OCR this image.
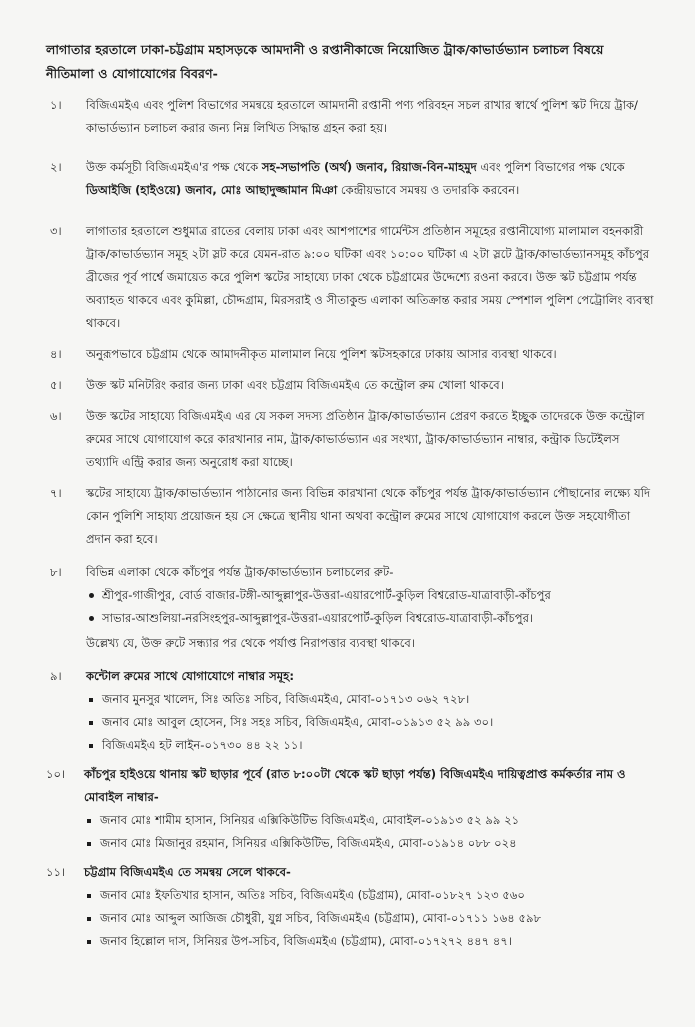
লাগাতার হরতালে ঢাকা-চট্টগ্রাম মহাসড়কে আমদানী ও রপ্তানীকাজে নিয়োজিত ট্রাক/কাভার্ডভ্যান চলাচল বিষয়ে নীতিমালা ও যোগাযোগের বিবরণ-
১।	বিজিএমইএ এবং পুলিশ বিভাগের সমন্বয়ে হরতালে আমদানী রপ্তানী পণ্য পরিবহন সচল রাখার স্বার্থে পুলিশ স্কট দিয়ে ট্রাক/কাভার্ডভ্যান চলাচল করার জন্য নিম্ন লিখিত সিদ্ধান্ত গ্রহন করা হয়।
২।	উক্ত কর্মসূচী বিজিএমইএ'র পক্ষ থেকে সহ-সভাপতি (অর্থ) জনাব, রিয়াজ-বিন-মাহমুদ এবং পুলিশ বিভাগের পক্ষ থেকে ডিআইজি (হাইওয়ে) জনাব, মোঃ আছাদুজ্জামান মিঞা কেন্দ্রীয়ভাবে সমন্বয় ও তদারকি করবেন।
৩।	লাগাতার হরতালে শুধুমাত্র রাতের বেলায় ঢাকা এবং আশপাশের গার্মেন্টস প্রতিষ্ঠান সমূহের রপ্তানীযোগ্য মালামাল বহনকারী ট্রাক/কাভার্ডভ্যান সমূহ ২টা স্লট করে যেমন-রাত ৯:০০ ঘটিকা এবং ১০:০০ ঘটিকা এ ২টা স্লটে ট্রাক/কাভার্ডভ্যানসমূহ কাঁচপুর ব্রীজের পূর্ব পার্শ্বে জমায়েত করে পুলিশ স্কটের সাহায্যে ঢাকা থেকে চট্টগ্রামের উদ্দেশ্যে রওনা করবে। উক্ত স্কট চট্টগ্রাম পর্যন্ত অব্যাহত থাকবে এবং কুমিল্লা, চৌদ্দগ্রাম, মিরসরাই ও সীতাকুন্ড এলাকা অতিক্রান্ত করার সময় স্পেশাল পুলিশ পেট্রোলিং ব্যবস্থা থাকবে।
৪।	অনুরূপভাবে চট্টগ্রাম থেকে আমাদনীকৃত মালামাল নিয়ে পুলিশ স্কটসহকারে ঢাকায় আসার ব্যবস্থা থাকবে।
৫।	উক্ত স্কট মনিটরিং করার জন্য ঢাকা এবং চট্টগ্রাম বিজিএমইএ তে কন্ট্রোল রুম খোলা থাকবে।
৬।	উক্ত স্কটের সাহায্যে বিজিএমইএ এর যে সকল সদস্য প্রতিষ্ঠান ট্রাক/কাভার্ডভ্যান প্রেরণ করতে ইচ্ছুক তাদেরকে উক্ত কন্ট্রোল রুমের সাথে যোগাযোগ করে কারখানার নাম, ট্রাক/কাভার্ডভ্যান এর সংখ্যা, ট্রাক/কাভার্ডভ্যান নাম্বার, কন্ট্রাক ডিটেইলস তথ্যাদি এন্ট্রি করার জন্য অনুরোধ করা যাচ্ছে।
৭।	স্কটের সাহায্যে ট্রাক/কাভার্ডভ্যান পাঠানোর জন্য বিভিন্ন কারখানা থেকে কাঁচপুর পর্যন্ত ট্রাক/কাভার্ডভ্যান পৌছানোর লক্ষ্যে যদি কোন পুলিশি সাহায্য প্রয়োজন হয় সে ক্ষেত্রে স্থানীয় থানা অথবা কন্ট্রোল রুমের সাথে যোগাযোগ করলে উক্ত সহযোগীতা প্রদান করা হবে।
৮।	বিভিন্ন এলাকা থেকে কাঁচপুর পর্যন্ত ট্রাক/কাভার্ডভ্যান চলাচলের রুট-
শ্রীপুর-গাজীপুর, বোর্ড বাজার-টঙ্গী-আব্দুল্লাপুর-উত্তরা-এয়ারপোর্ট-কুড়িল বিশ্বরোড-যাত্রাবাড়ী-কাঁচপুর
সাভার-আশুলিয়া-নরসিংহপুর-আব্দুল্লাপুর-উত্তরা-এয়ারপোর্ট-কুড়িল বিশ্বরোড-যাত্রাবাড়ী-কাঁচপুর।
উল্লেখ্য যে, উক্ত রুটে সন্ধ্যার পর থেকে পর্যাপ্ত নিরাপত্তার ব্যবস্থা থাকবে।
৯।	কন্টোল রুমের সাথে যোগাযোগে নাম্বার সমূহ:
জনাব মুনসুর খালেদ, সিঃ অতিঃ সচিব, বিজিএমইএ, মোবা-০১৭১৩ ০৬২ ৭২৮।
জনাব মোঃ আবুল হোসেন, সিঃ সহঃ সচিব, বিজিএমইএ, মোবা-০১৯১৩ ৫২ ৯৯ ৩০।
বিজিএমইএ হট লাইন-০১৭৩০ ৪৪ ২২ ১১।
১০।	কাঁচপুর হাইওয়ে থানায় স্কট ছাড়ার পূর্বে (রাত ৮:০০টা থেকে স্কট ছাড়া পর্যন্ত) বিজিএমইএ দায়িত্বপ্রাপ্ত কর্মকর্তার নাম ও মোবাইল নাম্বার-
জনাব মোঃ শামীম হাসান, সিনিয়র এক্সিকিউটিভ বিজিএমইএ, মোবাইল-০১৯১৩ ৫২ ৯৯ ২১
জনাব মোঃ মিজানুর রহমান, সিনিয়র এক্সিকিউটিভ, বিজিএমইএ, মোবা-০১৯১৪ ০৮৮ ০২৪
১১।	চট্টগ্রাম বিজিএমইএ তে সমন্বয় সেলে থাকবে-
জনাব মোঃ ইফতিখার হাসান, অতিঃ সচিব, বিজিএমইএ (চট্টগ্রাম), মোবা-০১৮২৭ ১২৩ ৫৬০
জনাব মোঃ আব্দুল আজিজ চৌধুরী, যুগ্ন সচিব, বিজিএমইএ (চট্টগ্রাম), মোবা-০১৭১১ ১৬৪ ৫৯৮
জনাব হিল্লোল দাস, সিনিয়র উপ-সচিব, বিজিএমইএ (চট্টগ্রাম), মোবা-০১৭২৭২ ৪৪৭ ৪৭।
